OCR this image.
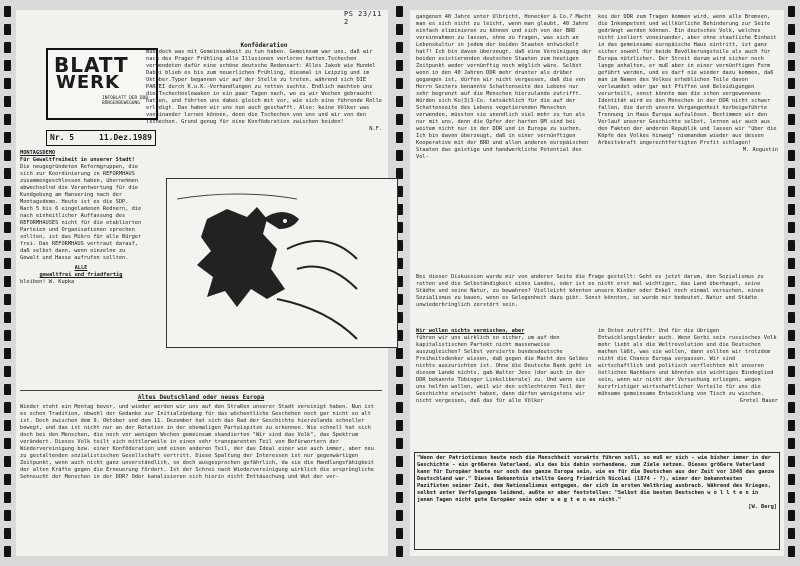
PS 23/11 2
BLATT
WERK
INFOBLATT DER DDR-BÜRGERBEWEGUNG
Nr. 5	11.Dez.1989

Konföderation

muß doch was mit Gemeinsamkeit zu tun haben. Gemeinsam war uns, daß wir nach des Prager Frühling alle Illusionen verloren hatten.Tschechen verwendeten dafür eine schöne deutsche Redensart: Alles Jakob wie Hundel Dabei blieb es bis zum neuerlichen Frühling, diesmal in Leipzig und im Oktober.Typer begannen wir auf der Stelle zu treten, während sich DIE PARTEI durch K.u.K.-Verhandlungen zu retten suchte. Endlich machten uns die Tschechoslowaken in ein paar Tagen nach, wo zu wir Wochen gebraucht hatten, und führten uns dabei gleich mit vor, wie sich eine führende Rolle erledigt. Das haben wir uns nun auch geschafft. Also: keine Völker was voneinander lernen können, denn die Tschechen von uns und wir von den Tschechen. Grund genug für eine Konföderation zwischen beiden!

N.F.

MONTAGSDEMO

Für Gewaltfreiheit in unserer Stadt!

Die neugegründeten Reformgruppen, die sich zur Koordinierung in REFORMHAUS zusammengeschlossen haben, übernehmen abwechselnd die Verantwortung für die Kundgebung am Hansering nach der Montagsdemo. Heute ist es die SDP. Nach 5 bis 6 eingeladenen Rednern, die nach einheitlicher Auffassung des REFORMHAUSES nicht für die etablierten Parteien und Organisationen sprechen sollten, ist das Mikro für alle Bürger frei. Das REFORMHAUS vertraut darauf, daß selbst dann, wenn einzelne zu Gewalt und Hasse aufrufen sollten.

ALLE

gewaltfrei und friedfertig

bleiben! W. Kupka

Altes Deutschland oder neues Europa

Wieder steht ein Montag bevor, und wieder werden wir uns auf den Straßen unserer Stadt vereinigt haben. Nun ist es schon Tradition, obwohl der Gedanke zur Initialzündung für das wöchentliche Geschehen noch gar nicht so alt ist. Doch zwischen dem 9. Oktober und dem 11. Dezember hat sich das Rad der Geschichte hierzulande schneller bewegt, und das ist nicht nur an der Rotation in der ehemaligen Parteispitze zu erkennen. Wie schnell hat sich doch bei den Menschen, die noch vor wenigen Wochen gemeinsam skandierten "Wir sind das Volk", das Spektrum verändert. Dieses Volk teilt sich mittlerweile in einen sehr transparenten Teil von Befürwortern der Wiedervereinigung bzw. einer Konföderation und einen anderen Teil, der das Ideal einer wie auch immer, aber neu zu gestaltenden sozialistischen Gesellschaft vertritt. Diese Spaltung der Interessen ist nur gegenwärtigen Zeitpunkt, wenn auch nicht ganz unverständlich, so doch ausgesprochen gefährlich, da sie die Handlungsfähigkeit der alten Kräfte gegen die Erneuerung fördert. Ist der Schrei nach Wiedervereinigung wirklich die ursprüngliche Sehnsucht der Menschen in der DDR? Oder kanalisieren sich hierin nicht Enttäuschung und Wut der ver-

gangenen 40 Jahre unter Ulbricht, Honecker & Co.? Macht man es sich nicht zu leicht, wenn man glaubt, 40 Jahre einfach eliminieren zu können und sich von der BRD vereinnahmen zu lassen, ohne zu fragen, was sich an Lebenskultur in jedem der beiden Staaten entwickelt hat?! Ich bin davon überzeugt, daß eine Vereinigung der beiden existierenden deutschen Staaten zum heutigen Zeitpunkt weder vernünftig noch möglich wäre. Selbst wenn in den 40 Jahren DDR mehr drunter als drüber gegangen ist, dürfen wir nicht vergessen, daß die von Herrn Seiters benannte Schattenseite des Lebens nur sehr begrenzt auf die Menschen hierzulande zutrifft. Würden sich Ko(3)3-Co. tatsächlich für die auf der Schattenseite des Lebens vegetierenden Menschen verwenden, müssten sie unendlich viel mehr zu tun als nur mit uns, denn die Opfer der harten DM sind bei weitem nicht nur in der DDR und in Europa zu suchen. Ich bin davon überzeugt, daß in einer vernünftigen Kooperative mit der BRD und allen anderen europäischen Staaten das geistige und handwerkliche Potential des Vol-

kes der DDR zum Tragen kommen wird, wenn alle Bremsen, die Inkompetent und willkürliche Behinderung zur Seite gedrängt werden können. Ein deutsches Volk, welches nicht isoliert voneinander, aber ohne staatliche Einheit in das gemeinsame europäische Haus eintritt, ist ganz sicher sowohl für beide Bevölkerungsteile als auch für Europa nützlicher. Der Streit darum wird sicher noch lange anhalten, er muß aber in einer vernünftigen Form geführt werden, und es darf nie wieder dazu kommen, daß man im Namen des Volkes erheblichen Teile davon verleumdet oder gar mit Pfiffen und Beleidigungen verurteilt, sonst könnte man die schon vergewonnene Identität wird es den Menschen in der DDR nicht schwer fallen, die durch unsere Vergangenheit herbeigeführte Trennung in Haus Europa aufzulösen. Bestimmen wir den Verlauf unserer Geschichte selbst, lernen wir auch aus den Fakten der anderen Republik und lassen wir "über die Köpfe des Volkes hinweg" niemandem wieder aus dessen Arbeitskraft ungerechtfertigten Profit schlagen!

M. Augustin

Bei dieser Diskussion wurde mir von anderer Seite die Frage gestellt: Geht es jetzt darum, den Sozialismus zu retten und die Selbständigkeit eines Landes, oder ist es nicht erst mal wichtiger, das Land überhaupt, seine Städte und seine Natur, zu bewahren? Vielleicht könnten unsere Kinder oder Enkel noch einmal versuchen, einen Sozialismus zu bauen, wenn es Gelegenheit dazu gibt. Sonst könnten, so wurde mir bedeutet, Natur und Städte unwiederbringlich zerstört sein.

Wir wollen nichts vermischen, aber

führen wir uns wirklich so sicher, um auf den kapitalistischen Partekt nicht massenweise auszugleichen? Selbst versierte bundesdeutsche Freiheitsdenker wissen, daß gegen die Macht des Geldes nichts auszurichten ist. Ohne die Deutsche Bank geht in diesem Lande nichts, gab Walter Jens (der auch in der DDR bekannte Tübinger Linksliberale) zu. Und wenn sie uns helfen wollen, weil wir den schlechteren Teil der Geschichte erwischt haben, dann dürfen wenigstens wir nicht vergessen, daß das für alle Völker

im Osten zutrifft. Und für die übrigen Entwicklungsländer auch. Wenn Gorbi sein russisches Volk mehr liebt als die Weltrevolution und die Deutschen machen läßt, was sie wollen, dann sollten wir trotzdem nicht die Chance Europa verpassen. Wir sind wirtschaftlich und politisch verflochten mit unseren östlichen Nachbarn und könnten ein wichtiges Bindeglied sein, wenn wir nicht der Versuchung erliegen, wegen kurzfristiger wirtschaftlicher Vorteile für uns die mühsame gemeinsame Entwicklung von Tisch zu wischen.

Gretel Bauer

"Wenn der Patriotismus heute noch die Menschheit vorwärts führen soll, so muß er sich - wie bisher immer in der Geschichte - ein größeres Vaterland, als das bis dahin vorhandene, zum Ziele setzen. Dieses größere Vaterland kann für Europäer heute nur noch das ganze Europa sein, wie es für die Deutschen aus der Zeit vor 1848 das ganze Deutschland war." Dieses Bekenntnis stellte Georg Friedrich Nicolai (1874 - ?), einer der bekanntesten Pazifisten seiner Zeit, dem Nationalismus entgegen, der sich im ersten Weltkrieg ausbrach. Während des Krieges, selbst unter Verfolgungen leidend, außte er aber feststellen: "Selbst die besten Deutschen w o l l t e n in jenen Tagen nicht gute Europäer sein oder w e g t e n es nicht."

[W. Berg]
